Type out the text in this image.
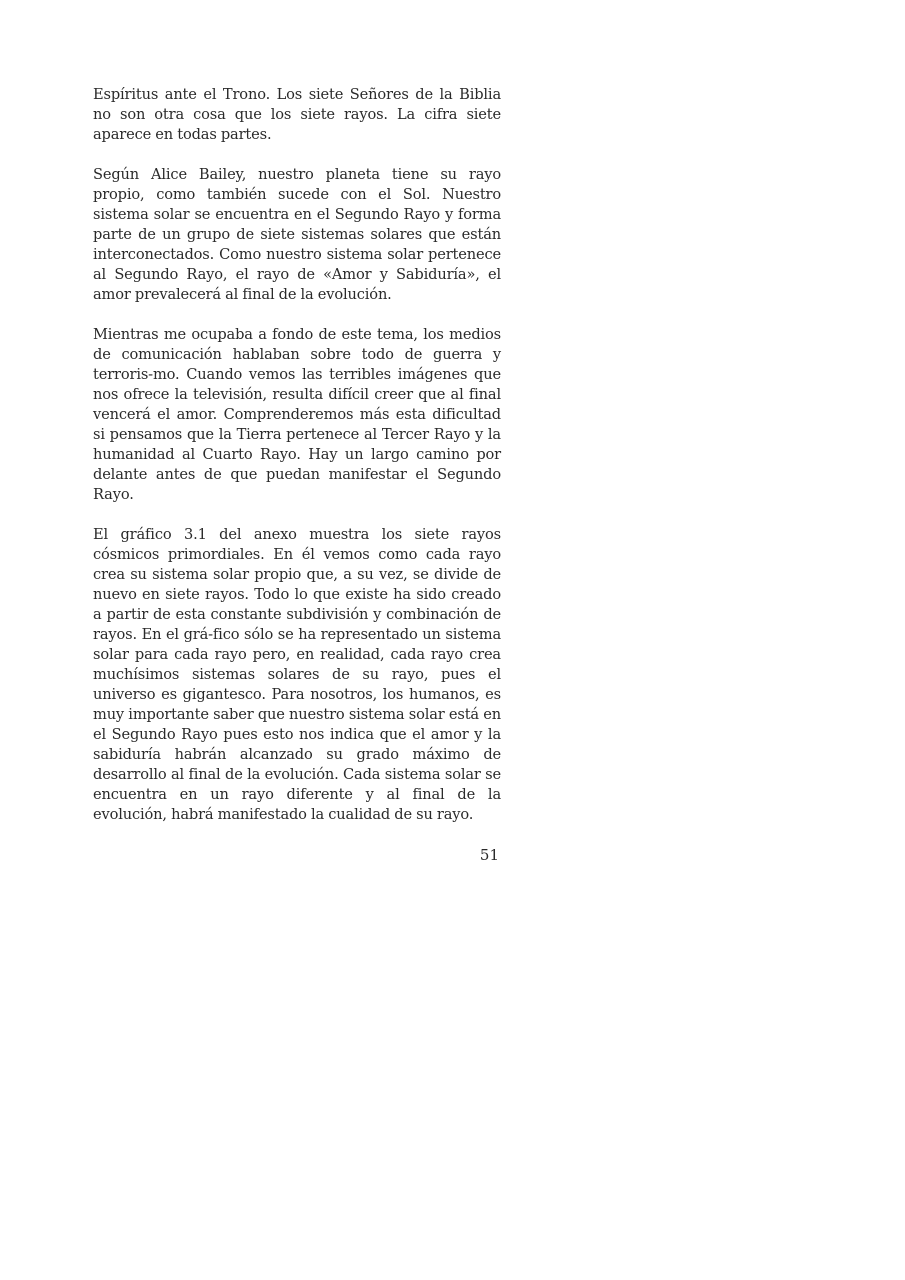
Espíritus ante el Trono. Los siete Señores de la Biblia no son otra cosa que los siete rayos. La cifra siete aparece en todas partes.

Según Alice Bailey, nuestro planeta tiene su rayo propio, como también sucede con el Sol. Nuestro sistema solar se encuentra en el Segundo Rayo y forma parte de un grupo de siete sistemas solares que están interconectados. Como nuestro sistema solar pertenece al Segundo Rayo, el rayo de «Amor y Sabiduría», el amor prevalecerá al final de la evolución.

Mientras me ocupaba a fondo de este tema, los medios de comunicación hablaban sobre todo de guerra y terroris-mo. Cuando vemos las terribles imágenes que nos ofrece la televisión, resulta difícil creer que al final vencerá el amor. Comprenderemos más esta dificultad si pensamos que la Tierra pertenece al Tercer Rayo y la humanidad al Cuarto Rayo. Hay un largo camino por delante antes de que puedan manifestar el Segundo Rayo.

El gráfico 3.1 del anexo muestra los siete rayos cósmicos primordiales. En él vemos como cada rayo crea su sistema solar propio que, a su vez, se divide de nuevo en siete rayos. Todo lo que existe ha sido creado a partir de esta constante subdivisión y combinación de rayos. En el grá-fico sólo se ha representado un sistema solar para cada rayo pero, en realidad, cada rayo crea muchísimos sistemas solares de su rayo, pues el universo es gigantesco. Para nosotros, los humanos, es muy importante saber que nuestro sistema solar está en el Segundo Rayo pues esto nos indica que el amor y la sabiduría habrán alcanzado su grado máximo de desarrollo al final de la evolución. Cada sistema solar se encuentra en un rayo diferente y al final de la evolución, habrá manifestado la cualidad de su rayo.

51
